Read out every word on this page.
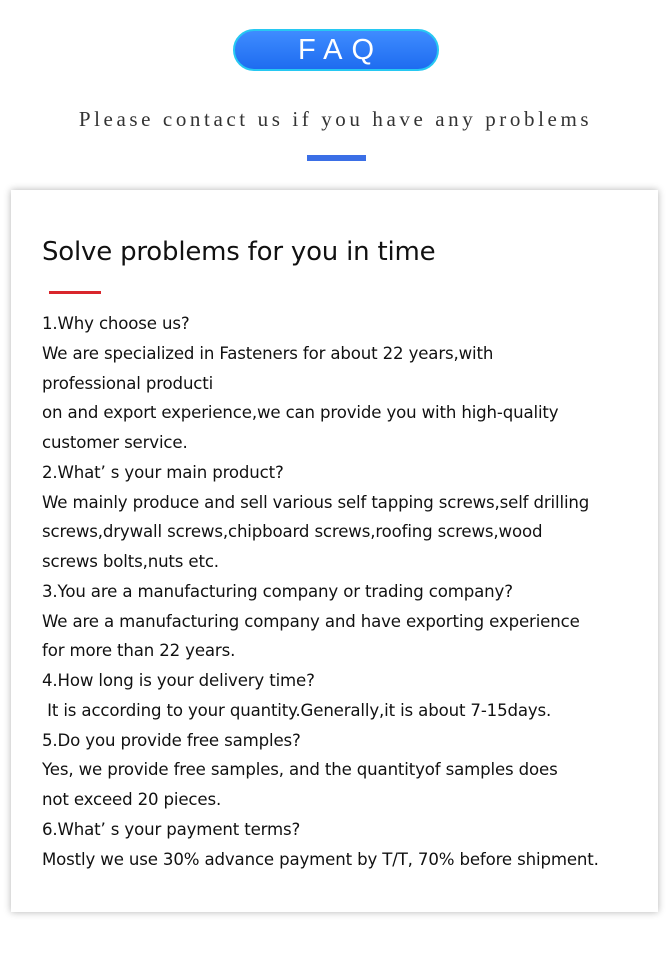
FAQ
Please contact us if you have any problems
Solve problems for you in time
1.Why choose us?
We are specialized in Fasteners for about 22 years,with
professional producti
on and export experience,we can provide you with high-quality
customer service.
2.What’ s your main product?
We mainly produce and sell various self tapping screws,self drilling
screws,drywall screws,chipboard screws,roofing screws,wood
screws bolts,nuts etc.
3.You are a manufacturing company or trading company?
We are a manufacturing company and have exporting experience
for more than 22 years.
4.How long is your delivery time?
It is according to your quantity.Generally,it is about 7-15days.
5.Do you provide free samples?
Yes, we provide free samples, and the quantityof samples does
not exceed 20 pieces.
6.What’ s your payment terms?
Mostly we use 30% advance payment by T/T, 70% before shipment.
